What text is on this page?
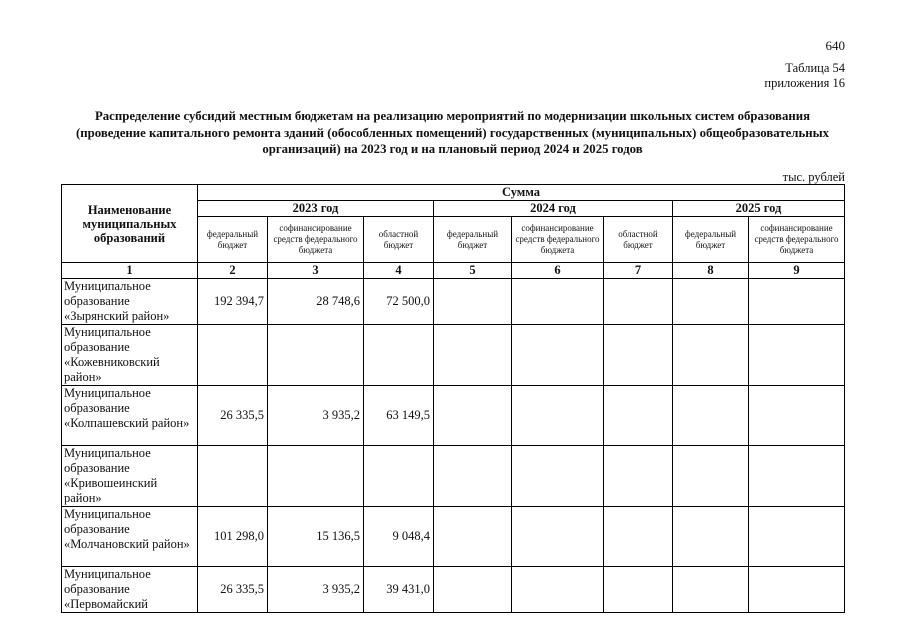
640
Таблица 54
приложения 16
Распределение субсидий местным бюджетам на реализацию мероприятий по модернизации школьных систем образования (проведение капитального ремонта зданий (обособленных помещений) государственных (муниципальных) общеобразовательных организаций) на 2023 год и на плановый период 2024 и 2025 годов
тыс. рублей
Наименование муниципальных образований	Сумма							
	2023 год			2024 год			2025 год	
	федеральный бюджет	софинансирование средств федерального бюджета	областной бюджет	федеральный бюджет	софинансирование средств федерального бюджета	областной бюджет	федеральный бюджет	софинансирование средств федерального бюджета
1	2	3	4	5	6	7	8	9
Муниципальное образование «Зырянский район»	192 394,7	28 748,6	72 500,0					
Муниципальное образование «Кожевниковский район»								
Муниципальное образование «Колпашевский район»	26 335,5	3 935,2	63 149,5					
Муниципальное образование «Кривошеинский район»								
Муниципальное образование «Молчановский район»	101 298,0	15 136,5	9 048,4					
Муниципальное образование «Первомайский	26 335,5	3 935,2	39 431,0					
